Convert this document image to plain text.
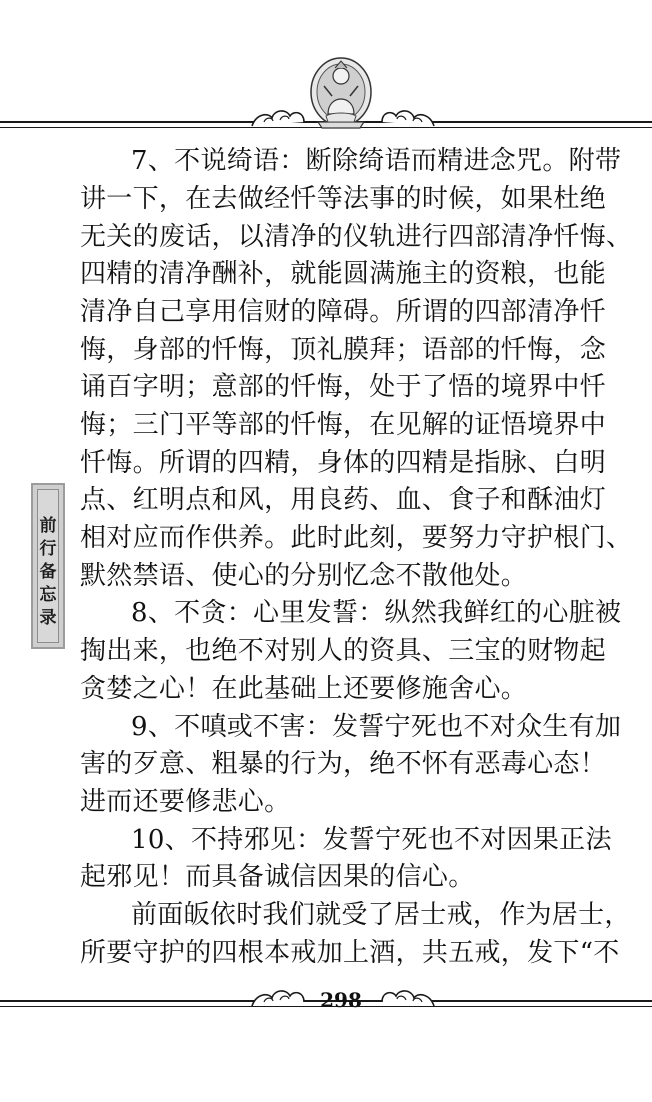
前
行
备
忘
录
7、不说绮语：断除绮语而精进念咒。附带
讲一下，在去做经忏等法事的时候，如果杜绝
无关的废话，以清净的仪轨进行四部清净忏悔、
四精的清净酬补，就能圆满施主的资粮，也能
清净自己享用信财的障碍。所谓的四部清净忏
悔，身部的忏悔，顶礼膜拜；语部的忏悔，念
诵百字明；意部的忏悔，处于了悟的境界中忏
悔；三门平等部的忏悔，在见解的证悟境界中
忏悔。所谓的四精，身体的四精是指脉、白明
点、红明点和风，用良药、血、食子和酥油灯
相对应而作供养。此时此刻，要努力守护根门、
默然禁语、使心的分别忆念不散他处。
8、不贪：心里发誓：纵然我鲜红的心脏被
掏出来，也绝不对别人的资具、三宝的财物起
贪婪之心！在此基础上还要修施舍心。
9、不嗔或不害：发誓宁死也不对众生有加
害的歹意、粗暴的行为，绝不怀有恶毒心态！
进而还要修悲心。
10、不持邪见：发誓宁死也不对因果正法
起邪见！而具备诚信因果的信心。
前面皈依时我们就受了居士戒，作为居士，
所要守护的四根本戒加上酒，共五戒，发下“不
298
